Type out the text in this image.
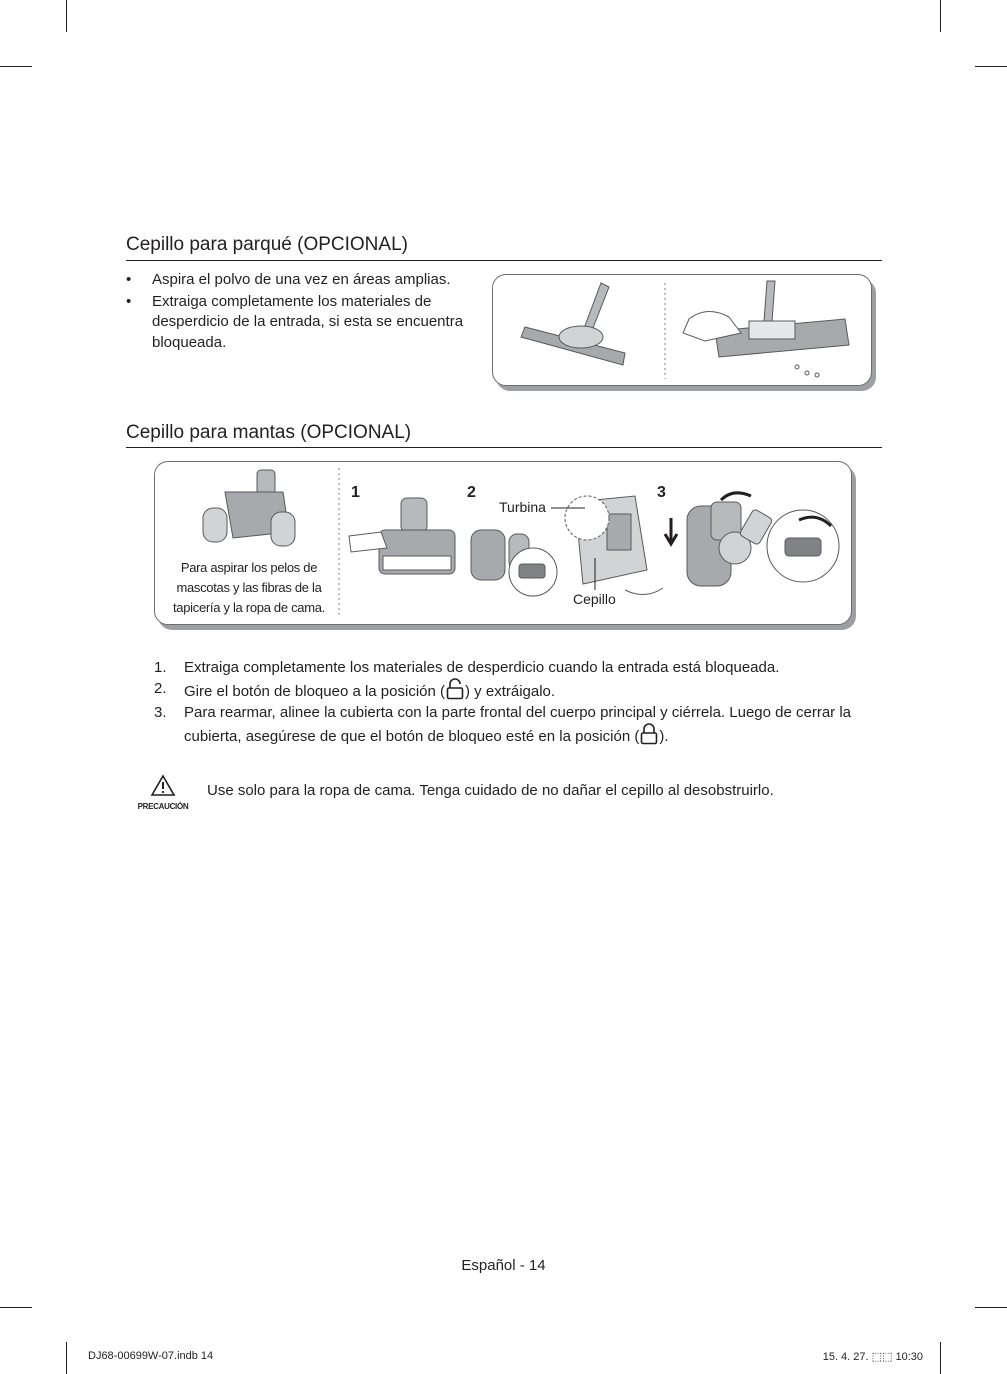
Cepillo para parqué (OPCIONAL)
• Aspira el polvo de una vez en áreas amplias.
• Extraiga completamente los materiales de desperdicio de la entrada, si esta se encuentra bloqueada.
Cepillo para mantas (OPCIONAL)
Para aspirar los pelos de mascotas y las fibras de la tapicería y la ropa de cama.
1	2	3
Turbina
Cepillo
1. Extraiga completamente los materiales de desperdicio cuando la entrada está bloqueada.
2. Gire el botón de bloqueo a la posición ( ) y extráigalo.
3. Para rearmar, alinee la cubierta con la parte frontal del cuerpo principal y ciérrela. Luego de cerrar la cubierta, asegúrese de que el botón de bloqueo esté en la posición ( ).
PRECAUCIÓN
Use solo para la ropa de cama. Tenga cuidado de no dañar el cepillo al desobstruirlo.
Español - 14
DJ68-00699W-07.indb 14	15. 4. 27. ⬚⬚ 10:30
